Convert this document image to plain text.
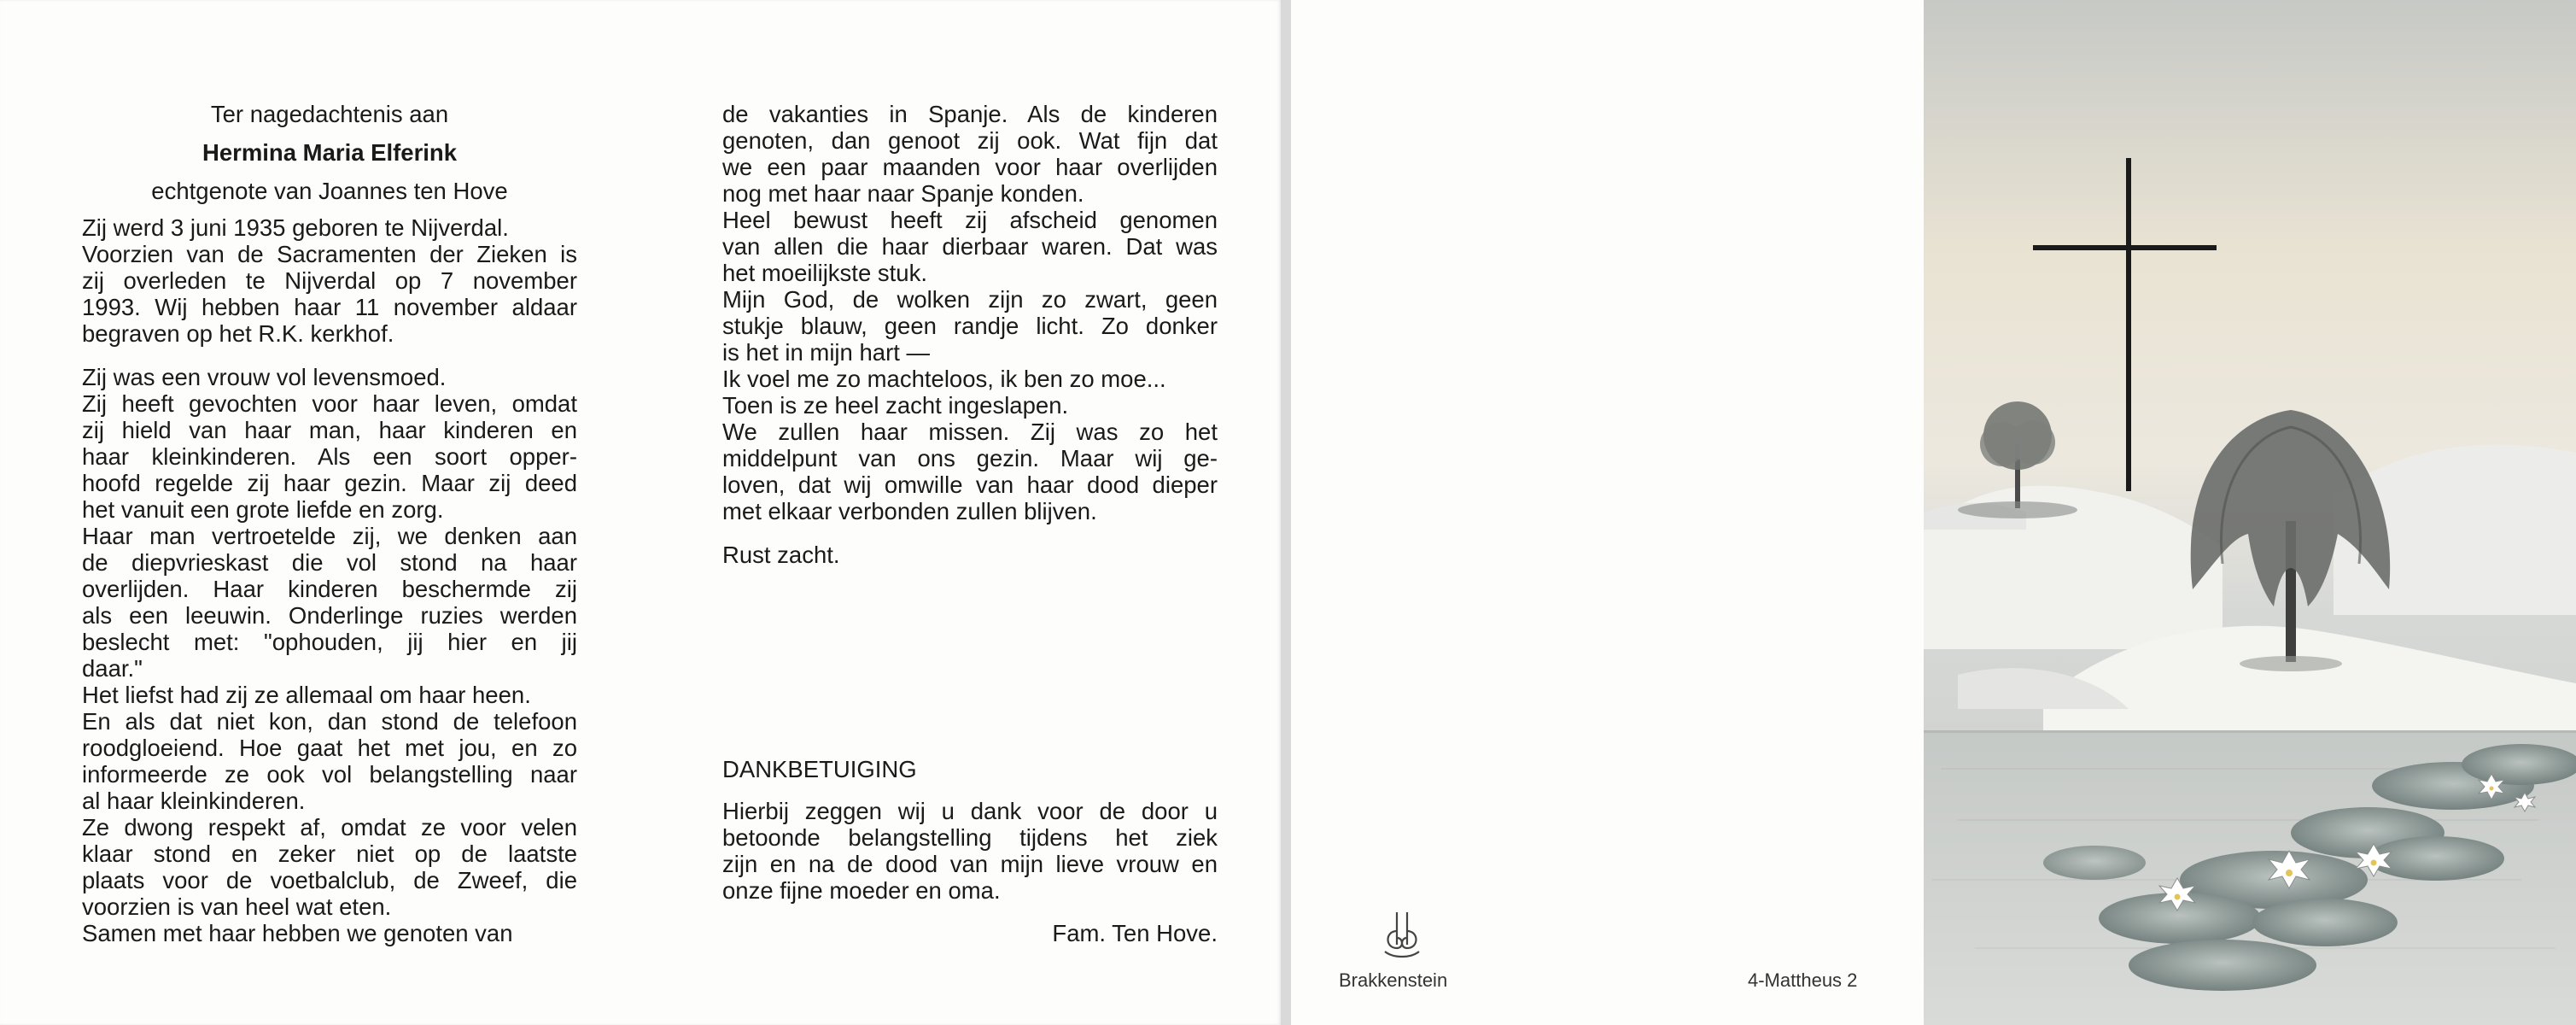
Ter nagedachtenis aan
Hermina Maria Elferink
echtgenote van Joannes ten Hove
Zij werd 3 juni 1935 geboren te Nijverdal.
Voorzien van de Sacramenten der Zieken is
zij overleden te Nijverdal op 7 november
1993. Wij hebben haar 11 november aldaar
begraven op het R.K. kerkhof.
Zij was een vrouw vol levensmoed.
Zij heeft gevochten voor haar leven, omdat
zij hield van haar man, haar kinderen en
haar kleinkinderen. Als een soort opper-
hoofd regelde zij haar gezin. Maar zij deed
het vanuit een grote liefde en zorg.
Haar man vertroetelde zij, we denken aan
de diepvrieskast die vol stond na haar
overlijden. Haar kinderen beschermde zij
als een leeuwin. Onderlinge ruzies werden
beslecht met: "ophouden, jij hier en jij
daar."
Het liefst had zij ze allemaal om haar heen.
En als dat niet kon, dan stond de telefoon
roodgloeiend. Hoe gaat het met jou, en zo
informeerde ze ook vol belangstelling naar
al haar kleinkinderen.
Ze dwong respekt af, omdat ze voor velen
klaar stond en zeker niet op de laatste
plaats voor de voetbalclub, de Zweef, die
voorzien is van heel wat eten.
Samen met haar hebben we genoten van
de vakanties in Spanje. Als de kinderen
genoten, dan genoot zij ook. Wat fijn dat
we een paar maanden voor haar overlijden
nog met haar naar Spanje konden.
Heel bewust heeft zij afscheid genomen
van allen die haar dierbaar waren. Dat was
het moeilijkste stuk.
Mijn God, de wolken zijn zo zwart, geen
stukje blauw, geen randje licht. Zo donker
is het in mijn hart —
Ik voel me zo machteloos, ik ben zo moe...
Toen is ze heel zacht ingeslapen.
We zullen haar missen. Zij was zo het
middelpunt van ons gezin. Maar wij ge-
loven, dat wij omwille van haar dood dieper
met elkaar verbonden zullen blijven.
Rust zacht.
DANKBETUIGING
Hierbij zeggen wij u dank voor de door u
betoonde belangstelling tijdens het ziek
zijn en na de dood van mijn lieve vrouw en
onze fijne moeder en oma.
Fam. Ten Hove.
Brakkenstein	4-Mattheus 2
